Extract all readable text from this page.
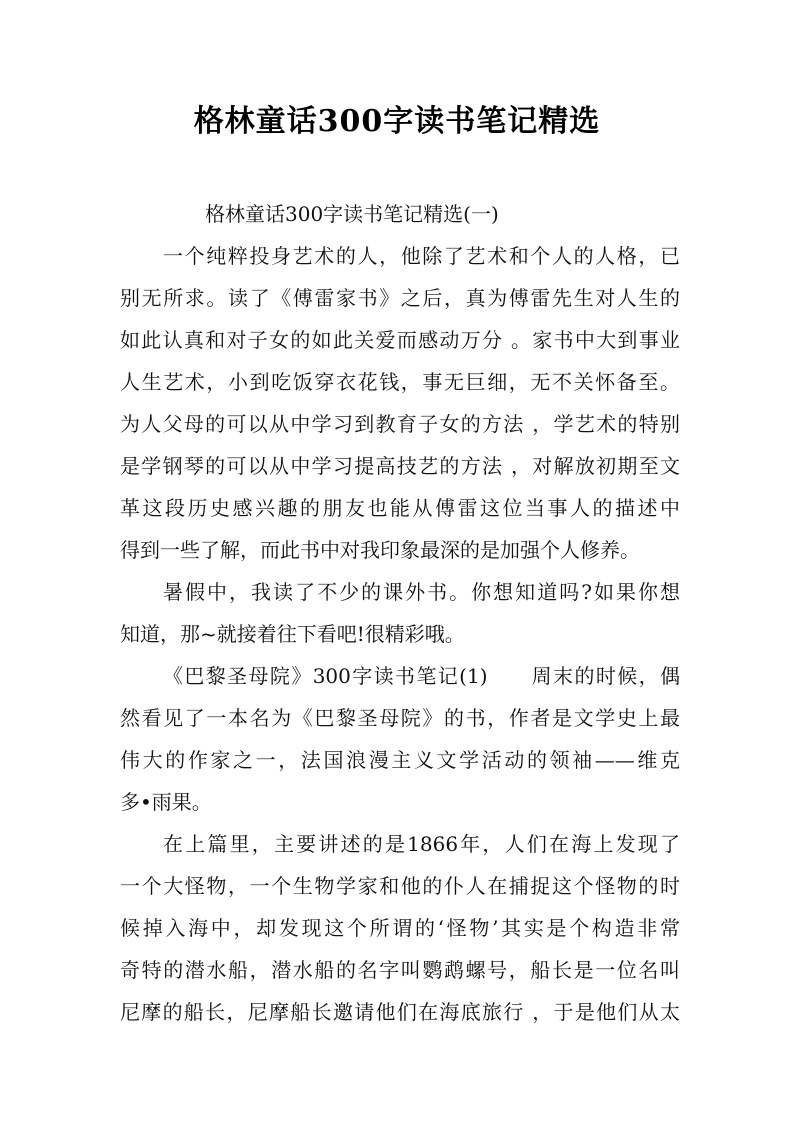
格林童话300字读书笔记精选

格林童话300字读书笔记精选(一)

一个纯粹投身艺术的人，他除了艺术和个人的人格，已

别无所求。读了《傅雷家书》之后，真为傅雷先生对人生的

如此认真和对子女的如此关爱而感动万分 。家书中大到事业

人生艺术，小到吃饭穿衣花钱，事无巨细，无不关怀备至。

为人父母的可以从中学习到教育子女的方法 ，学艺术的特别

是学钢琴的可以从中学习提高技艺的方法 ，对解放初期至文

革这段历史感兴趣的朋友也能从傅雷这位当事人的描述中

得到一些了解，而此书中对我印象最深的是加强个人修养。

暑假中，我读了不少的课外书。你想知道吗?如果你想

知道，那~就接着往下看吧!很精彩哦。

《巴黎圣母院》300字读书笔记(1)　　周末的时候，偶

然看见了一本名为《巴黎圣母院》的书，作者是文学史上最

伟大的作家之一，法国浪漫主义文学活动的领袖——维克

多•雨果。

在上篇里，主要讲述的是1866年，人们在海上发现了

一个大怪物，一个生物学家和他的仆人在捕捉这个怪物的时

候掉入海中，却发现这个所谓的‘怪物’其实是个构造非常

奇特的潜水船，潜水船的名字叫鹦鹉螺号，船长是一位名叫

尼摩的船长，尼摩船长邀请他们在海底旅行 ，于是他们从太
